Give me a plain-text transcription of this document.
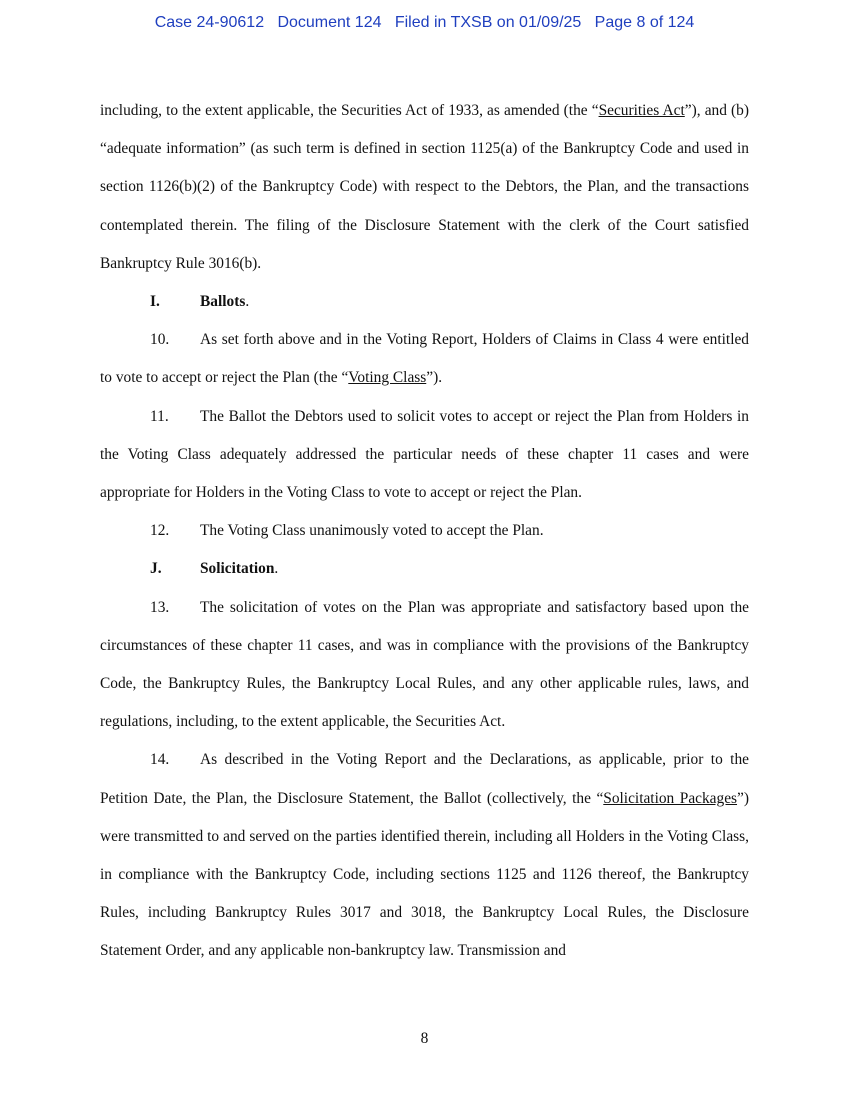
Case 24-90612   Document 124   Filed in TXSB on 01/09/25   Page 8 of 124

including, to the extent applicable, the Securities Act of 1933, as amended (the “Securities Act”), and (b) “adequate information” (as such term is defined in section 1125(a) of the Bankruptcy Code and used in section 1126(b)(2) of the Bankruptcy Code) with respect to the Debtors, the Plan, and the transactions contemplated therein. The filing of the Disclosure Statement with the clerk of the Court satisfied Bankruptcy Rule 3016(b).

I.	Ballots.

10. As set forth above and in the Voting Report, Holders of Claims in Class 4 were entitled to vote to accept or reject the Plan (the “Voting Class”).

11. The Ballot the Debtors used to solicit votes to accept or reject the Plan from Holders in the Voting Class adequately addressed the particular needs of these chapter 11 cases and were appropriate for Holders in the Voting Class to vote to accept or reject the Plan.

12. The Voting Class unanimously voted to accept the Plan.

J. Solicitation.

13. The solicitation of votes on the Plan was appropriate and satisfactory based upon the circumstances of these chapter 11 cases, and was in compliance with the provisions of the Bankruptcy Code, the Bankruptcy Rules, the Bankruptcy Local Rules, and any other applicable rules, laws, and regulations, including, to the extent applicable, the Securities Act.

14. As described in the Voting Report and the Declarations, as applicable, prior to the Petition Date, the Plan, the Disclosure Statement, the Ballot (collectively, the “Solicitation Packages”) were transmitted to and served on the parties identified therein, including all Holders in the Voting Class, in compliance with the Bankruptcy Code, including sections 1125 and 1126 thereof, the Bankruptcy Rules, including Bankruptcy Rules 3017 and 3018, the Bankruptcy Local Rules, the Disclosure Statement Order, and any applicable non-bankruptcy law. Transmission and

8
